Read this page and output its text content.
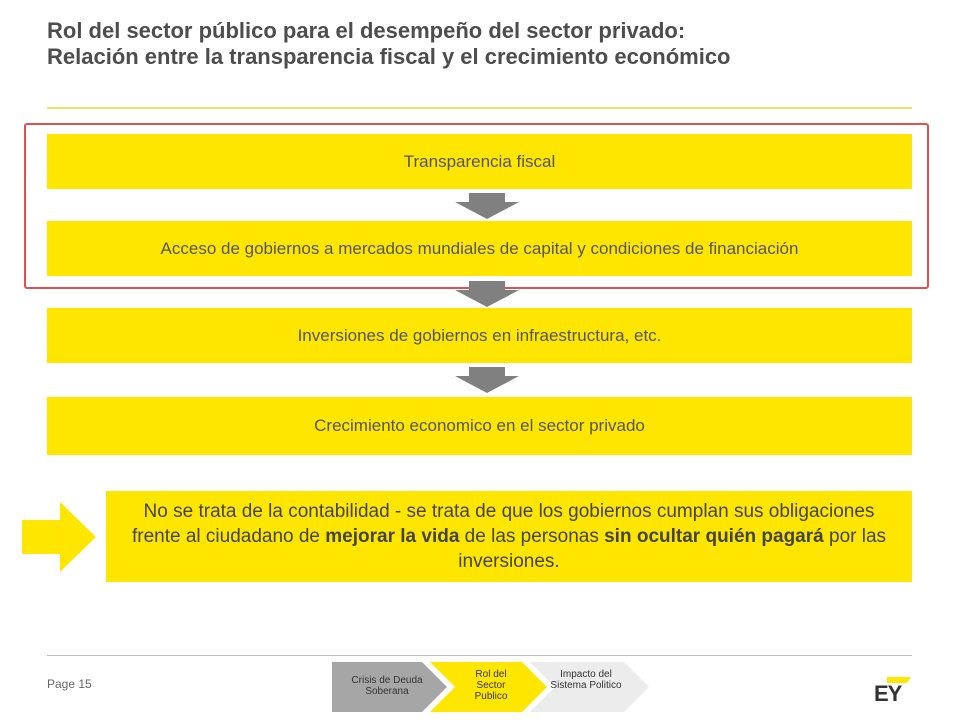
Rol del sector público para el desempeño del sector privado:
Relación entre la transparencia fiscal y el crecimiento económico
Transparencia fiscal
Acceso de gobiernos a mercados mundiales de capital y condiciones de financiación
Inversiones de gobiernos en infraestructura, etc.
Crecimiento economico en el sector privado
No se trata de la contabilidad - se trata de que los gobiernos cumplan sus obligaciones frente al ciudadano de mejorar la vida de las personas sin ocultar quién pagará por las inversiones.
Page 15	Crisis de Deuda Soberana
Rol del Sector Publico
Impacto del Sistema Politico	EY
